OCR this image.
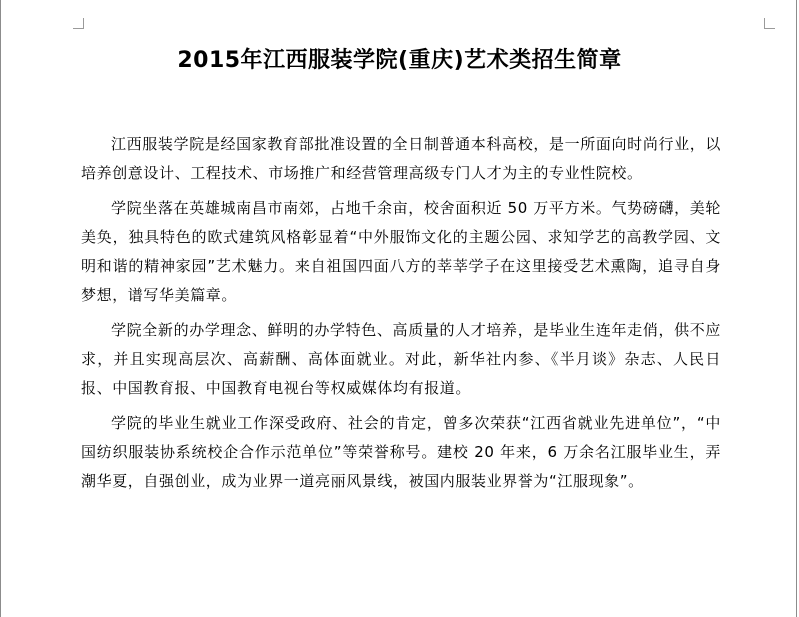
2015年江西服装学院(重庆)艺术类招生简章

江西服装学院是经国家教育部批准设置的全日制普通本科高校，是一所面向时尚行业，以培养创意设计、工程技术、市场推广和经营管理高级专门人才为主的专业性院校。

学院坐落在英雄城南昌市南郊，占地千余亩，校舍面积近 50 万平方米。气势磅礴，美轮美奂，独具特色的欧式建筑风格彰显着“中外服饰文化的主题公园、求知学艺的高教学园、文明和谐的精神家园”艺术魅力。来自祖国四面八方的莘莘学子在这里接受艺术熏陶，追寻自身梦想，谱写华美篇章。

学院全新的办学理念、鲜明的办学特色、高质量的人才培养，是毕业生连年走俏，供不应求，并且实现高层次、高薪酬、高体面就业。对此，新华社内参、《半月谈》杂志、人民日报、中国教育报、中国教育电视台等权威媒体均有报道。

学院的毕业生就业工作深受政府、社会的肯定，曾多次荣获“江西省就业先进单位”，“中国纺织服装协系统校企合作示范单位”等荣誉称号。建校 20 年来，6 万余名江服毕业生，弄潮华夏，自强创业，成为业界一道亮丽风景线，被国内服装业界誉为“江服现象”。
